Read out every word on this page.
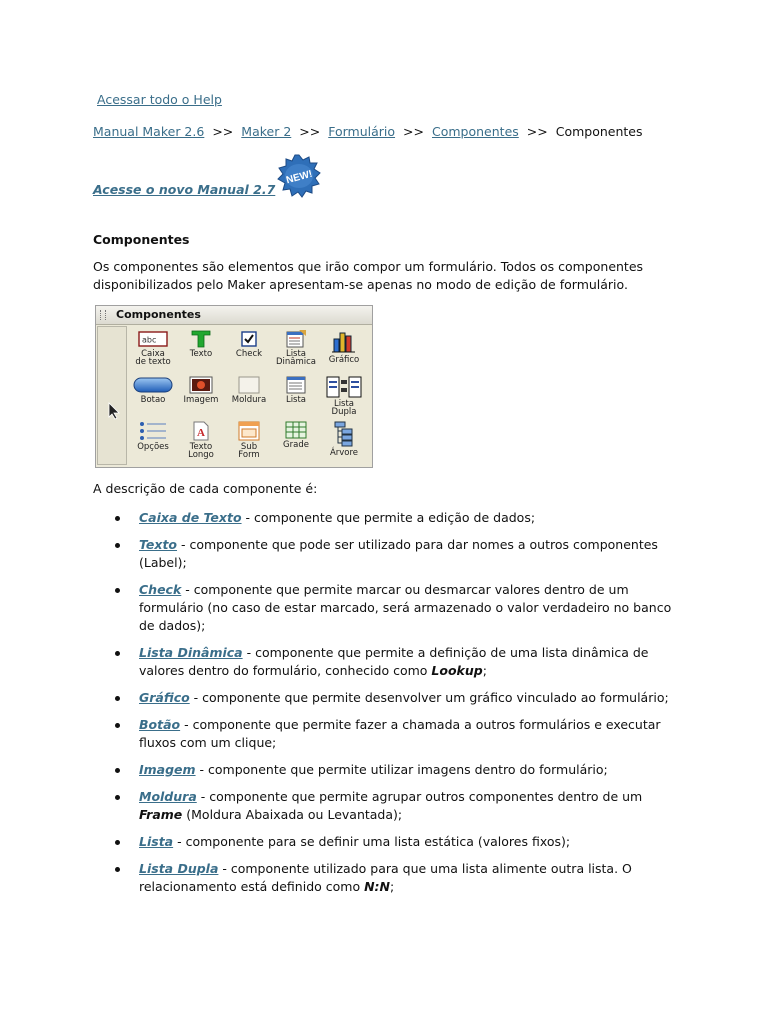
Acessar todo o Help
Manual Maker 2.6 >> Maker 2 >> Formulário >> Componentes >> Componentes
Acesse o novo Manual 2.7
NEW!
Componentes
Os componentes são elementos que irão compor um formulário. Todos os componentes disponibilizados pelo Maker apresentam-se apenas no modo de edição de formulário.
Componentes
abc
Caixa
de texto
Texto	Check	Lista
Dinâmica	Gráfico
Botao	Imagem	Moldura	Lista	Lista
Dupla
Opções
A
Texto
Longo
Sub
Form
Grade
Árvore
A descrição de cada componente é:
Caixa de Texto - componente que permite a edição de dados;
Texto - componente que pode ser utilizado para dar nomes a outros componentes (Label);
Check - componente que permite marcar ou desmarcar valores dentro de um formulário (no caso de estar marcado, será armazenado o valor verdadeiro no banco de dados);
Lista Dinâmica - componente que permite a definição de uma lista dinâmica de valores dentro do formulário, conhecido como Lookup;
Gráfico - componente que permite desenvolver um gráfico vinculado ao formulário;
Botão - componente que permite fazer a chamada a outros formulários e executar fluxos com um clique;
Imagem - componente que permite utilizar imagens dentro do formulário;
Moldura - componente que permite agrupar outros componentes dentro de um Frame (Moldura Abaixada ou Levantada);
Lista - componente para se definir uma lista estática (valores fixos);
Lista Dupla - componente utilizado para que uma lista alimente outra lista. O relacionamento está definido como N:N;
